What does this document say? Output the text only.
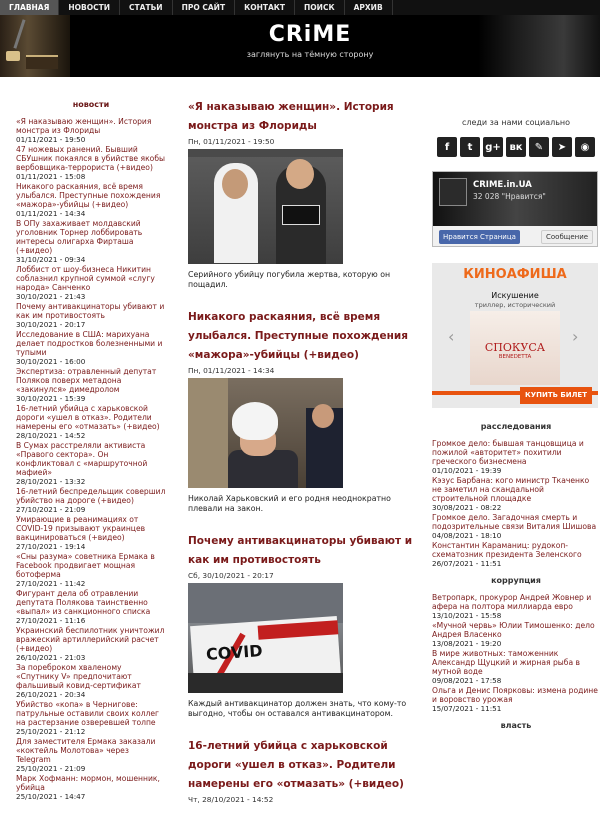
ГЛАВНАЯ	НОВОСТИ	СТАТЬИ	ПРО САЙТ	КОНТАКТ	ПОИСК	АРХИВ
CRiME
заглянуть на тёмную сторону
новости
«Я наказываю женщин». История монстра из Флориды
01/11/2021 - 19:50
47 ножевых ранений. Бывший СБУшник покаялся в убийстве якобы вербовщика-террориста (+видео)
01/11/2021 - 15:08
Никакого раскаяния, всё время улыбался. Преступные похождения «мажора»-убийцы (+видео)
01/11/2021 - 14:34
В ОПу захаживает молдавский уголовник Торнер лоббировать интересы олигарха Фирташа (+видео)
31/10/2021 - 09:34
Лоббист от шоу-бизнеса Никитин соблазнил крупной суммой «слугу народа» Санченко
30/10/2021 - 21:43
Почему антивакцинаторы убивают и как им противостоять
30/10/2021 - 20:17
Исследование в США: марихуана делает подростков болезненными и тупыми
30/10/2021 - 16:00
Экспертиза: отравленный депутат Поляков поверх метадона «закинулся» димедролом
30/10/2021 - 15:39
16-летний убийца с харьковской дороги «ушел в отказ». Родители намерены его «отмазать» (+видео)
28/10/2021 - 14:52
В Сумах расстреляли активиста «Правого сектора». Он конфликтовал с «маршруточной мафией»
28/10/2021 - 13:32
16-летний беспредельщик совершил убийство на дороге (+видео)
27/10/2021 - 21:09
Умирающие в реанимациях от COVID-19 призывают украинцев вакцинироваться (+видео)
27/10/2021 - 19:14
«Сны разума» советника Ермака в Facebook продвигает мощная ботоферма
27/10/2021 - 11:42
Фигурант дела об отравлении депутата Полякова таинственно «выпал» из санкционного списка
27/10/2021 - 11:16
Украинский беспилотник уничтожил вражеский артиллерийский расчет (+видео)
26/10/2021 - 21:03
За пореброком хваленому «Спутнику V» предпочитают фальшивый ковид-сертификат
26/10/2021 - 20:34
Убийство «копа» в Чернигове: патрульные оставили своих коллег на растерзание озверевшей толпе
25/10/2021 - 21:12
Для заместителя Ермака заказали «коктейль Молотова» через Telegram
25/10/2021 - 21:09
Марк Хофманн: мормон, мошенник, убийца
25/10/2021 - 14:47
«Я наказываю женщин». История монстра из Флориды
Пн, 01/11/2021 - 19:50
Серийного убийцу погубила жертва, которую он пощадил.
Никакого раскаяния, всё время улыбался. Преступные похождения «мажора»-убийцы (+видео)
Пн, 01/11/2021 - 14:34
Николай Харьковский и его родня неоднократно плевали на закон.
Почему антивакцинаторы убивают и как им противостоять
Сб, 30/10/2021 - 20:17
COVID
Каждый антивакцинатор должен знать, что кому-то выгодно, чтобы он оставался антивакцинатором.
16-летний убийца с харьковской дороги «ушел в отказ». Родители намерены его «отмазать» (+видео)
Чт, 28/10/2021 - 14:52
следи за нами социально
f	t	g+ вк	✎	➤	◉
CRIME.in.UA
32 028 "Нравится"
Нравится Страница	Сообщение
КИНОАФИША
Искушение
триллер, исторический
‹	›
СПОКУСА
BENEDETTA
КУПИТЬ БИЛЕТ
расследования
Громкое дело: бывшая танцовщица и пожилой «авторитет» похитили греческого бизнесмена
01/10/2021 - 19:39
Кэзус Барбана: кого министр Ткаченко не заметил на скандальной строительной площадке
30/08/2021 - 08:22
Громкое дело. Загадочная смерть и подозрительные связи Виталия Шишова
04/08/2021 - 18:10
Константин Караманиц: рудокоп-схематозник президента Зеленского
26/07/2021 - 11:51
коррупция
Ветропарк, прокурор Андрей Жовнер и афера на полтора миллиарда евро
13/10/2021 - 15:58
«Мучной червь» Юлии Тимошенко: дело Андрея Власенко
13/08/2021 - 19:20
В мире животных: таможенник Александр Щуцкий и жирная рыба в мутной воде
09/08/2021 - 17:58
Ольга и Денис Поярковы: измена родине и воровство урожая
15/07/2021 - 11:51
власть
